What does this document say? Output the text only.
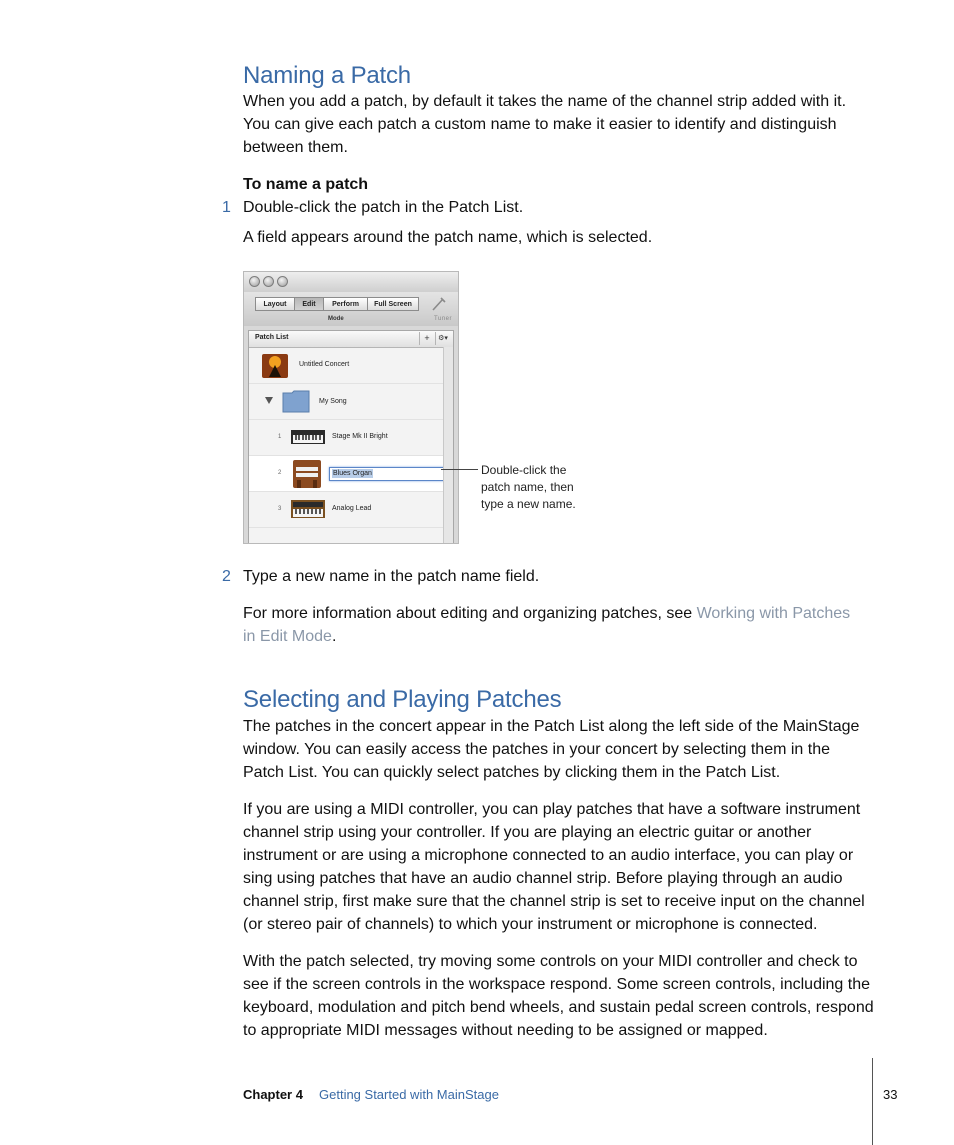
Naming a Patch
When you add a patch, by default it takes the name of the channel strip added with it.
You can give each patch a custom name to make it easier to identify and distinguish
between them.
To name a patch
1 Double-click the patch in the Patch List.
A field appears around the patch name, which is selected.
Layout	Edit	Perform	Full Screen
Mode	Tuner
Patch List	+	⚙▾
Untitled Concert
My Song
1	Stage Mk II Bright
2	Blues Organ
3	Analog Lead
Double-click the
patch name, then
type a new name.
2 Type a new name in the patch name field.
For more information about editing and organizing patches, see Working with Patches
in Edit Mode.
Selecting and Playing Patches
The patches in the concert appear in the Patch List along the left side of the MainStage
window. You can easily access the patches in your concert by selecting them in the
Patch List. You can quickly select patches by clicking them in the Patch List.
If you are using a MIDI controller, you can play patches that have a software instrument
channel strip using your controller. If you are playing an electric guitar or another
instrument or are using a microphone connected to an audio interface, you can play or
sing using patches that have an audio channel strip. Before playing through an audio
channel strip, first make sure that the channel strip is set to receive input on the channel
(or stereo pair of channels) to which your instrument or microphone is connected.
With the patch selected, try moving some controls on your MIDI controller and check to
see if the screen controls in the workspace respond. Some screen controls, including the
keyboard, modulation and pitch bend wheels, and sustain pedal screen controls, respond
to appropriate MIDI messages without needing to be assigned or mapped.
Chapter 4 Getting Started with MainStage	33
